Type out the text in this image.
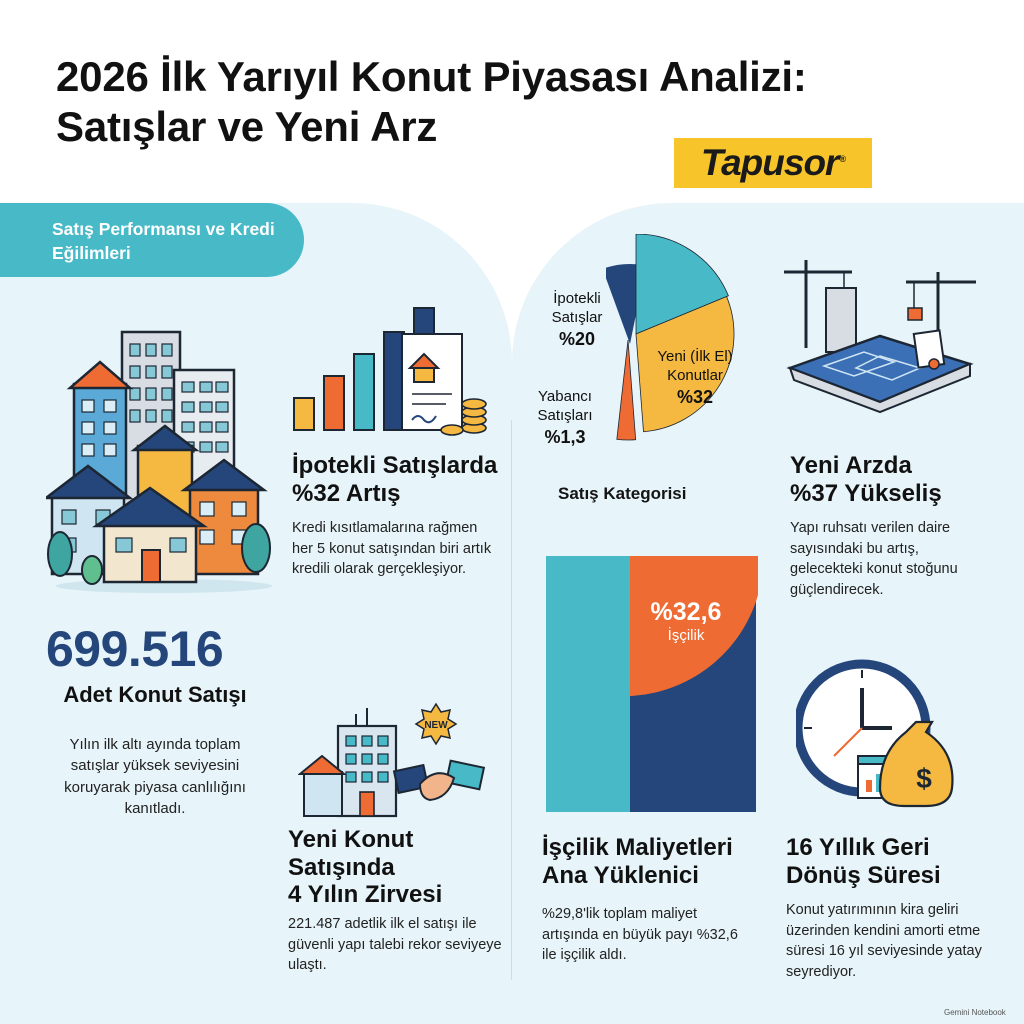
2026 İlk Yarıyıl Konut Piyasası Analizi:
Satışlar ve Yeni Arz
Tapusor®
Satış Performansı ve Kredi Eğilimleri
İpotekli Satışlarda %32 Artış

Kredi kısıtlamalarına rağmen her 5 konut satışından biri artık kredili olarak gerçekleşiyor.

699.516
Adet Konut Satışı

Yılın ilk altı ayında toplam satışlar yüksek seviyesini koruyarak piyasa canlılığını kanıtladı.

NEW
Yeni Konut
Satışında
4 Yılın Zirvesi

221.487 adetlik ilk el satışı ile güvenli yapı talebi rekor seviyeye ulaştı.

İpotekli
Satışlar
%20
Yeni (İlk El)
Konutlar
%32
Yabancı
Satışları
%1,3
Satış Kategorisi
%32,6
İşçilik
İşçilik Maliyetleri
Ana Yüklenici

%29,8'lik toplam maliyet artışında en büyük payı %32,6 ile işçilik aldı.

Yeni Arzda
%37 Yükseliş

Yapı ruhsatı verilen daire sayısındaki bu artış, gelecekteki konut stoğunu güçlendirecek.

$
16 Yıllık Geri
Dönüş Süresi

Konut yatırımının kira geliri üzerinden kendini amorti etme süresi 16 yıl seviyesinde yatay seyrediyor.

Gemini Notebook
